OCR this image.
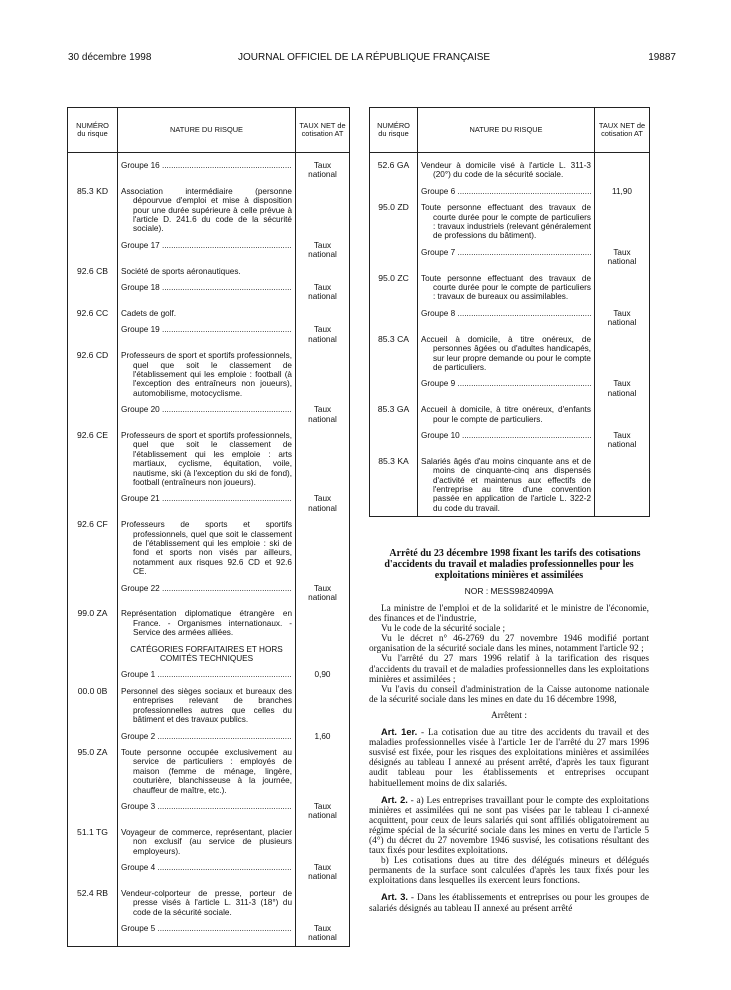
30 décembre 1998	JOURNAL OFFICIEL DE LA RÉPUBLIQUE FRANÇAISE	19887
NUMÉRO du risque	NATURE DU RISQUE	TAUX NET de cotisation AT

	Groupe 16 .....	Taux national
85.3 KD	Association intermédiaire (personne dépourvue d'emploi et mise à disposition pour une durée supérieure à celle prévue à l'article D. 241.6 du code de la sécurité sociale).	

	Groupe 17 .....	Taux national
92.6 CB	Société de sports aéronautiques.	

	Groupe 18 .....	Taux national
92.6 CC	Cadets de golf.	

	Groupe 19 .....	Taux national
92.6 CD	Professeurs de sport et sportifs professionnels, quel que soit le classement de l'établissement qui les emploie : football (à l'exception des entraîneurs non joueurs), automobilisme, motocyclisme.	

	Groupe 20 .....	Taux national
92.6 CE	Professeurs de sport et sportifs professionnels, quel que soit le classement de l'établissement qui les emploie : arts martiaux, cyclisme, équitation, voile, nautisme, ski (à l'exception du ski de fond), football (entraîneurs non joueurs).	

	Groupe 21 .....	Taux national
92.6 CF	Professeurs de sports et sportifs professionnels, quel que soit le classement de l'établissement qui les emploie : ski de fond et sports non visés par ailleurs, notamment aux risques 92.6 CD et 92.6 CE.	

	Groupe 22 .....	Taux national
99.0 ZA	Représentation diplomatique étrangère en France. - Organismes internationaux. - Service des armées alliées.	

	CATÉGORIES FORFAITAIRES ET HORS COMITÉS TECHNIQUES	

	Groupe 1 .....	0,90
00.0 0B	Personnel des sièges sociaux et bureaux des entreprises relevant de branches professionnelles autres que celles du bâtiment et des travaux publics.	

	Groupe 2 .....	1,60
95.0 ZA	Toute personne occupée exclusivement au service de particuliers : employés de maison (femme de ménage, lingère, couturière, blanchisseuse à la journée, chauffeur de maître, etc.).	

	Groupe 3 .....	Taux national
51.1 TG	Voyageur de commerce, représentant, placier non exclusif (au service de plusieurs employeurs).	

	Groupe 4 .....	Taux national
52.4 RB	Vendeur-colporteur de presse, porteur de presse visés à l'article L. 311-3 (18°) du code de la sécurité sociale.	

	Groupe 5 .....	Taux national
NUMÉRO du risque	NATURE DU RISQUE	TAUX NET de cotisation AT
52.6 GA	Vendeur à domicile visé à l'article L. 311-3 (20°) du code de la sécurité sociale.	

	Groupe 6 .....	11,90
95.0 ZD	Toute personne effectuant des travaux de courte durée pour le compte de particuliers : travaux industriels (relevant généralement de professions du bâtiment).	

	Groupe 7 .....	Taux national
95.0 ZC	Toute personne effectuant des travaux de courte durée pour le compte de particuliers : travaux de bureaux ou assimilables.	

	Groupe 8 .....	Taux national
85.3 CA	Accueil à domicile, à titre onéreux, de personnes âgées ou d'adultes handicapés, sur leur propre demande ou pour le compte de particuliers.	

	Groupe 9 .....	Taux national
85.3 GA	Accueil à domicile, à titre onéreux, d'enfants pour le compte de particuliers.	

	Groupe 10 .....	Taux national
85.3 KA	Salariés âgés d'au moins cinquante ans et de moins de cinquante-cinq ans dispensés d'activité et maintenus aux effectifs de l'entreprise au titre d'une convention passée en application de l'article L. 322-2 du code du travail.	

Arrêté du 23 décembre 1998 fixant les tarifs des cotisations d'accidents du travail et maladies professionnelles pour les exploitations minières et assimilées

NOR : MESS9824099A

La ministre de l'emploi et de la solidarité et le ministre de l'économie, des finances et de l'industrie,

Vu le code de la sécurité sociale ;

Vu le décret n° 46-2769 du 27 novembre 1946 modifié portant organisation de la sécurité sociale dans les mines, notamment l'article 92 ;

Vu l'arrêté du 27 mars 1996 relatif à la tarification des risques d'accidents du travail et de maladies professionnelles dans les exploitations minières et assimilées ;

Vu l'avis du conseil d'administration de la Caisse autonome nationale de la sécurité sociale dans les mines en date du 16 décembre 1998,

Arrêtent :

Art. 1er. - La cotisation due au titre des accidents du travail et des maladies professionnelles visée à l'article 1er de l'arrêté du 27 mars 1996 susvisé est fixée, pour les risques des exploitations minières et assimilées désignés au tableau I annexé au présent arrêté, d'après les taux figurant audit tableau pour les établissements et entreprises occupant habituellement moins de dix salariés.

Art. 2. - a) Les entreprises travaillant pour le compte des exploitations minières et assimilées qui ne sont pas visées par le tableau I ci-annexé acquittent, pour ceux de leurs salariés qui sont affiliés obligatoirement au régime spécial de la sécurité sociale dans les mines en vertu de l'article 5 (4°) du décret du 27 novembre 1946 susvisé, les cotisations résultant des taux fixés pour lesdites exploitations.

b) Les cotisations dues au titre des délégués mineurs et délégués permanents de la surface sont calculées d'après les taux fixés pour les exploitations dans lesquelles ils exercent leurs fonctions.

Art. 3. - Dans les établissements et entreprises ou pour les groupes de salariés désignés au tableau II annexé au présent arrêté
